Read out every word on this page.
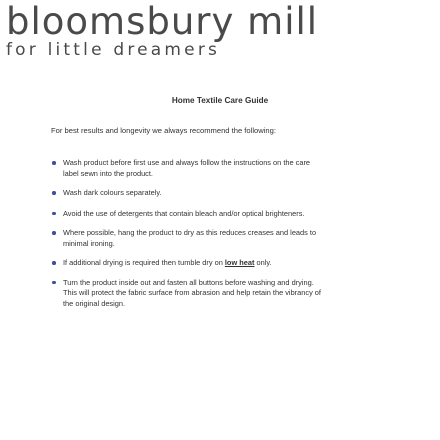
bloomsbury mill
for little dreamers
Home Textile Care Guide
For best results and longevity we always recommend the following:
Wash product before first use and always follow the instructions on the care label sewn into the product.
Wash dark colours separately.
Avoid the use of detergents that contain bleach and/or optical brighteners.
Where possible, hang the product to dry as this reduces creases and leads to minimal ironing.
If additional drying is required then tumble dry on low heat only.
Turn the product inside out and fasten all buttons before washing and drying. This will protect the fabric surface from abrasion and help retain the vibrancy of the original design.
